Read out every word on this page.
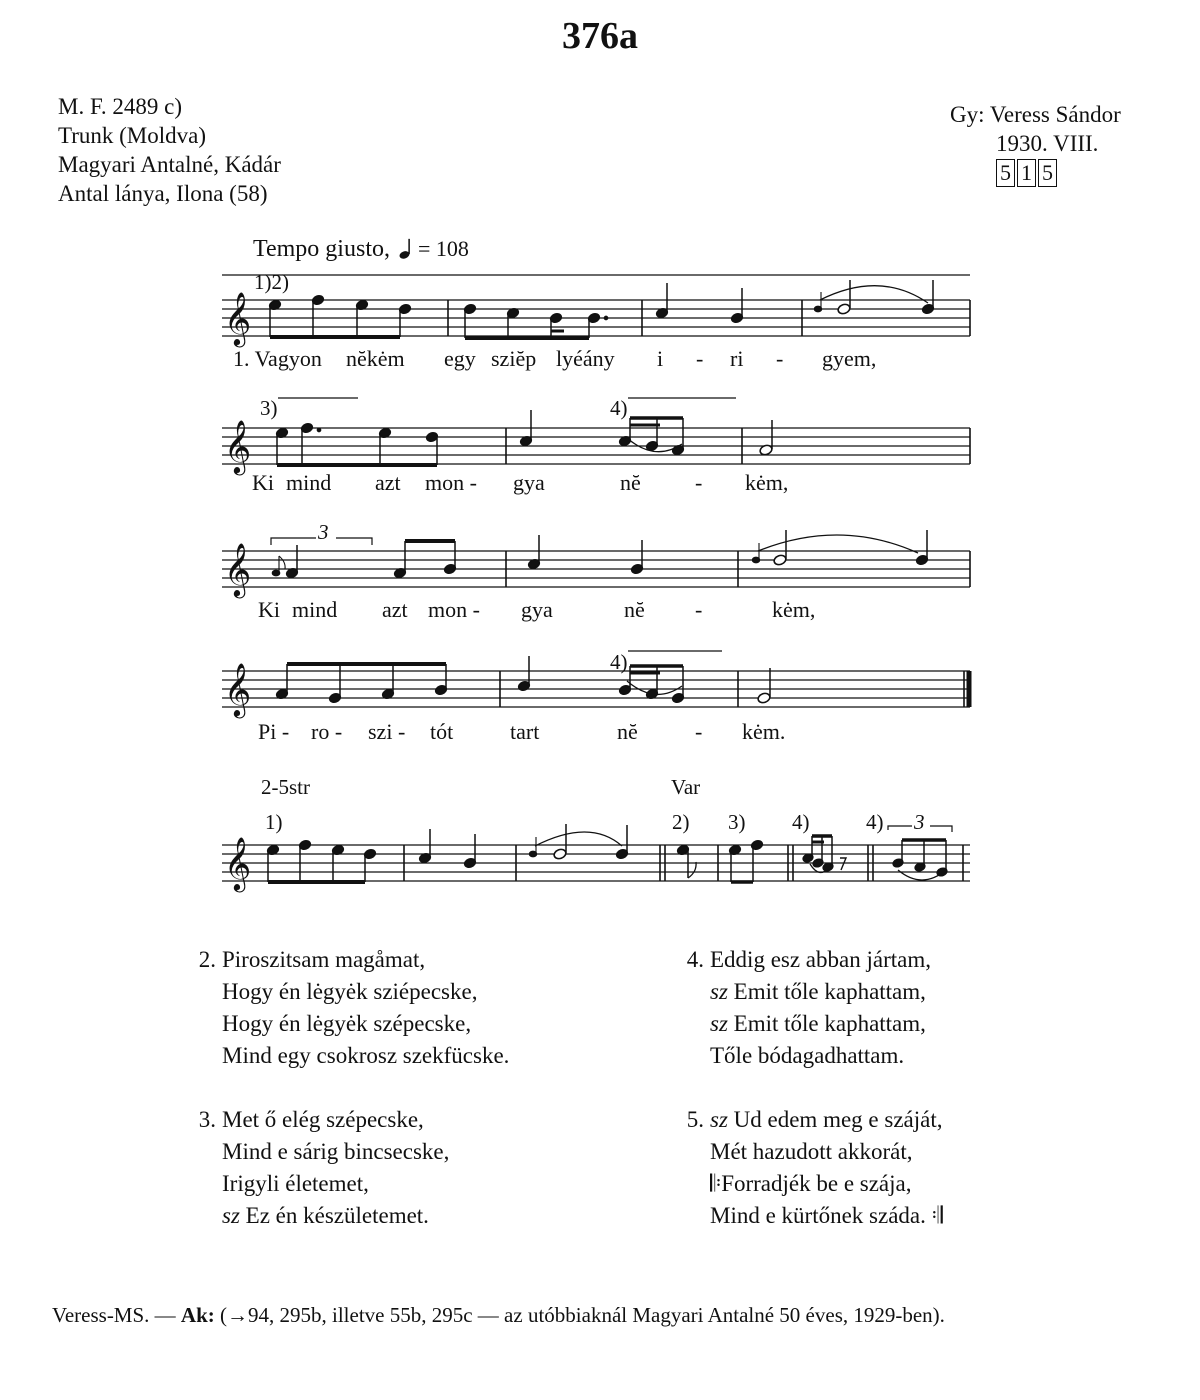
376a
M. F. 2489 c)
Trunk (Moldva)
Magyari Antalné, Kádár
Antal lánya, Ilona (58)
Gy: Veress Sándor
1930. VIII.
5 1 5
Tempo giusto, = 108
𝄞
𝄞
𝄞
𝄞
𝄞
1)2)
1. Vagyon nĕkėm egy sziĕp lyéány i - ri - gyem,
3)	4)
Ki mind azt mon - gya	nĕ - kėm,
3
Ki mind azt mon - gya	nĕ -	kėm,
4)
Pi - ro - szi - tót	tart	nĕ	- kėm.
2-5str	Var
1)	2) 3) 4)	4) 3
2. Piroszitsam magåmat,
Hogy én lėgyėk sziépecske,
Hogy én lėgyėk szépecske,
Mind egy csokrosz szekfücske.
3. Met ő elég szépecske,
Mind e sárig bincsecske,
Irigyli életemet,
sz Ez én készületemet.
4. Eddig esz abban jártam,
sz Emit tőle kaphattam,
sz Emit tőle kaphattam,
Tőle bódagadhattam.
5. sz Ud edem meg e száját,
Mét hazudott akkorát,
𝄆Forradjék be e szája,
Mind e kürtőnek száda. 𝄇
Veress-MS. — Ak: (→94, 295b, illetve 55b, 295c — az utóbbiaknál Magyari Antalné 50 éves, 1929-ben).
